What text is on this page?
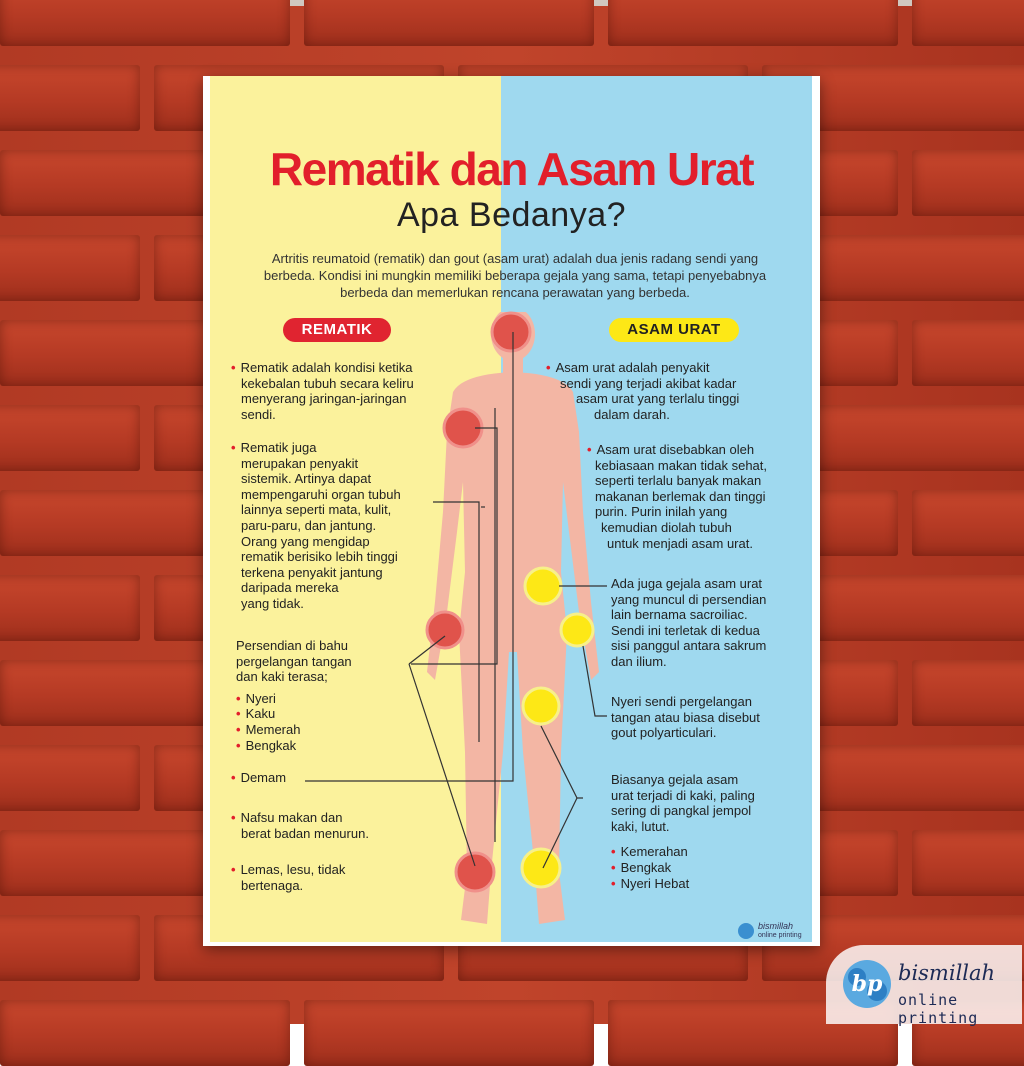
Rematik dan Asam Urat
Apa Bedanya?
Artritis reumatoid (rematik) dan gout (asam urat) adalah dua jenis radang sendi yang berbeda. Kondisi ini mungkin memiliki beberapa gejala yang sama, tetapi penyebabnya berbeda dan memerlukan rencana perawatan yang berbeda.
REMATIK	ASAM URAT
• Rematik adalah kondisi ketika
kekebalan tubuh secara keliru
menyerang jaringan-jaringan
sendi.
• Rematik juga
merupakan penyakit
sistemik. Artinya dapat
mempengaruhi organ tubuh
lainnya seperti mata, kulit,
paru-paru, dan jantung.
Orang yang mengidap
rematik berisiko lebih tinggi
terkena penyakit jantung
daripada mereka
yang tidak.
Persendian di bahu
pergelangan tangan
dan kaki terasa;
• Nyeri
• Kaku
• Memerah
• Bengkak
• Demam
• Nafsu makan dan
berat badan menurun.
• Lemas, lesu, tidak
bertenaga.
• Asam urat adalah penyakit
sendi yang terjadi akibat kadar
asam urat yang terlalu tinggi
dalam darah.
• Asam urat disebabkan oleh
kebiasaan makan tidak sehat,
seperti terlalu banyak makan
makanan berlemak dan tinggi
purin. Purin inilah yang
kemudian diolah tubuh
untuk menjadi asam urat.
Ada juga gejala asam urat
yang muncul di persendian
lain bernama sacroiliac.
Sendi ini terletak di kedua
sisi panggul antara sakrum
dan ilium.
Nyeri sendi pergelangan
tangan atau biasa disebut
gout polyarticulari.
Biasanya gejala asam
urat terjadi di kaki, paling
sering di pangkal jempol
kaki, lutut.
• Kemerahan
• Bengkak
• Nyeri Hebat
bismillah
online printing
bp bismillah
online printing
